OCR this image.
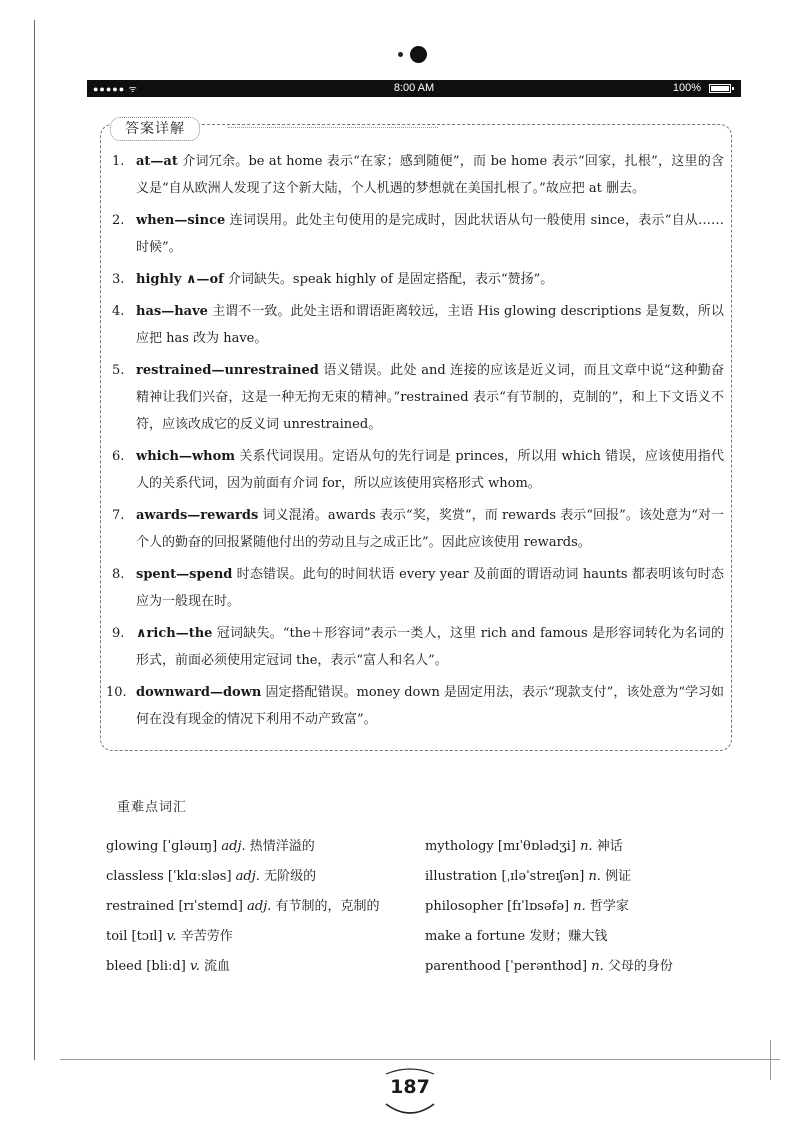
●●●●● ᯤ	8:00 AM	100%
答案详解
1. at—at 介词冗余。be at home 表示“在家；感到随便”，而 be home 表示“回家，扎根”，这里的含义是“自从欧洲人发现了这个新大陆，个人机遇的梦想就在美国扎根了。”故应把 at 删去。
2. when—since 连词误用。此处主句使用的是完成时，因此状语从句一般使用 since，表示“自从……时候”。
3. highly ∧—of 介词缺失。speak highly of 是固定搭配，表示“赞扬”。
4. has—have 主谓不一致。此处主语和谓语距离较远，主语 His glowing descriptions 是复数，所以应把 has 改为 have。
5. restrained—unrestrained 语义错误。此处 and 连接的应该是近义词，而且文章中说“这种勤奋精神让我们兴奋，这是一种无拘无束的精神。”restrained 表示“有节制的，克制的”，和上下文语义不符，应该改成它的反义词 unrestrained。
6. which—whom 关系代词误用。定语从句的先行词是 princes，所以用 which 错误，应该使用指代人的关系代词，因为前面有介词 for，所以应该使用宾格形式 whom。
7. awards—rewards 词义混淆。awards 表示“奖，奖赏”，而 rewards 表示“回报”。该处意为“对一个人的勤奋的回报紧随他付出的劳动且与之成正比”。因此应该使用 rewards。
8. spent—spend 时态错误。此句的时间状语 every year 及前面的谓语动词 haunts 都表明该句时态应为一般现在时。
9. ∧rich—the 冠词缺失。“the＋形容词”表示一类人，这里 rich and famous 是形容词转化为名词的形式，前面必须使用定冠词 the，表示“富人和名人”。
10. downward—down 固定搭配错误。money down 是固定用法，表示“现款支付”，该处意为“学习如何在没有现金的情况下利用不动产致富”。
重难点词汇
glowing [ˈɡləuɪŋ] adj. 热情洋溢的
classless [ˈklɑːsləs] adj. 无阶级的
restrained [rɪˈsteɪnd] adj. 有节制的，克制的
toil [tɔɪl] v. 辛苦劳作
bleed [bliːd] v. 流血
mythology [mɪˈθɒlədʒi] n. 神话
illustration [ˌɪləˈstreɪʃən] n. 例证
philosopher [fɪˈlɒsəfə] n. 哲学家
make a fortune 发财；赚大钱
parenthood [ˈperənthʊd] n. 父母的身份
187
